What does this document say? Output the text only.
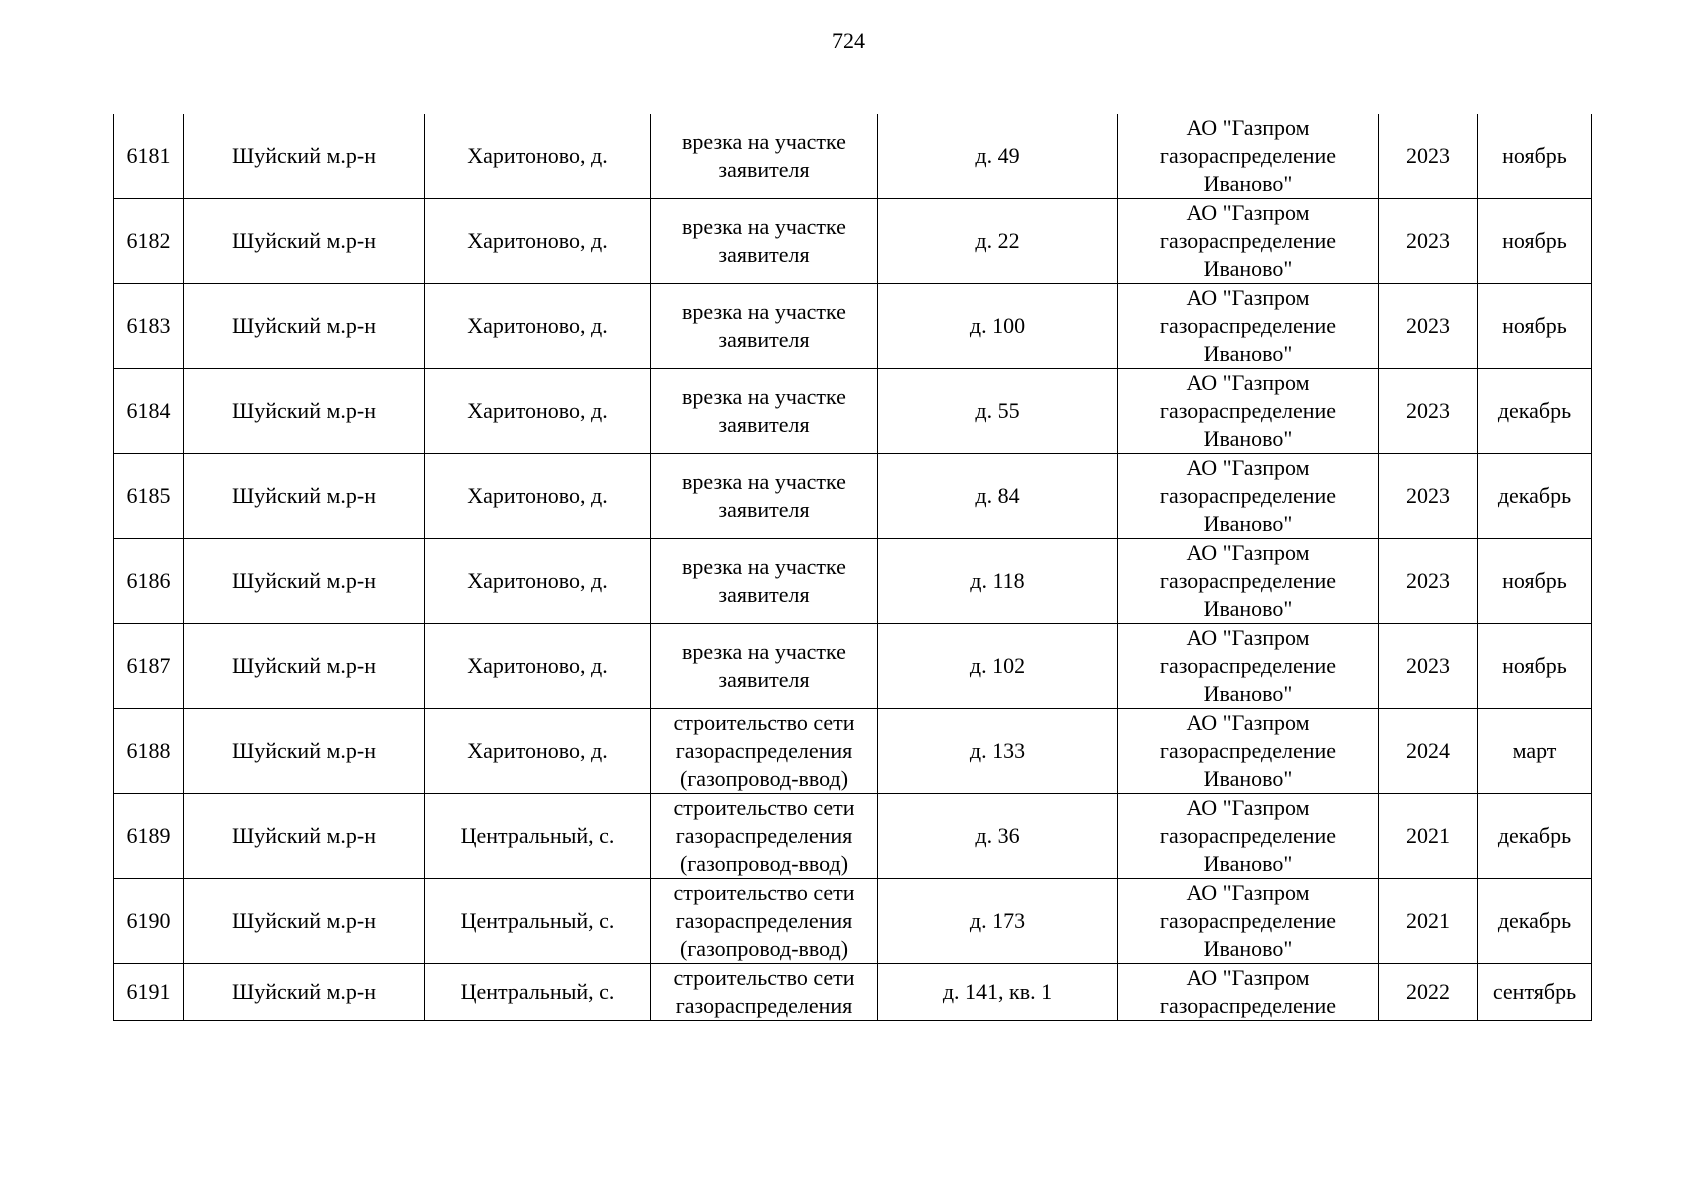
724
6181	Шуйский м.р-н	Харитоново, д.	врезка на участке заявителя	д. 49	АО "Газпром газораспределение Иваново"	2023	ноябрь
6182	Шуйский м.р-н	Харитоново, д.	врезка на участке заявителя	д. 22	АО "Газпром газораспределение Иваново"	2023	ноябрь
6183	Шуйский м.р-н	Харитоново, д.	врезка на участке заявителя	д. 100	АО "Газпром газораспределение Иваново"	2023	ноябрь
6184	Шуйский м.р-н	Харитоново, д.	врезка на участке заявителя	д. 55	АО "Газпром газораспределение Иваново"	2023	декабрь
6185	Шуйский м.р-н	Харитоново, д.	врезка на участке заявителя	д. 84	АО "Газпром газораспределение Иваново"	2023	декабрь
6186	Шуйский м.р-н	Харитоново, д.	врезка на участке заявителя	д. 118	АО "Газпром газораспределение Иваново"	2023	ноябрь
6187	Шуйский м.р-н	Харитоново, д.	врезка на участке заявителя	д. 102	АО "Газпром газораспределение Иваново"	2023	ноябрь
6188	Шуйский м.р-н	Харитоново, д.	строительство сети газораспределения (газопровод-ввод)	д. 133	АО "Газпром газораспределение Иваново"	2024	март
6189	Шуйский м.р-н	Центральный, с.	строительство сети газораспределения (газопровод-ввод)	д. 36	АО "Газпром газораспределение Иваново"	2021	декабрь
6190	Шуйский м.р-н	Центральный, с.	строительство сети газораспределения (газопровод-ввод)	д. 173	АО "Газпром газораспределение Иваново"	2021	декабрь
6191	Шуйский м.р-н	Центральный, с.	строительство сети газораспределения	д. 141, кв. 1	АО "Газпром газораспределение	2022	сентябрь
